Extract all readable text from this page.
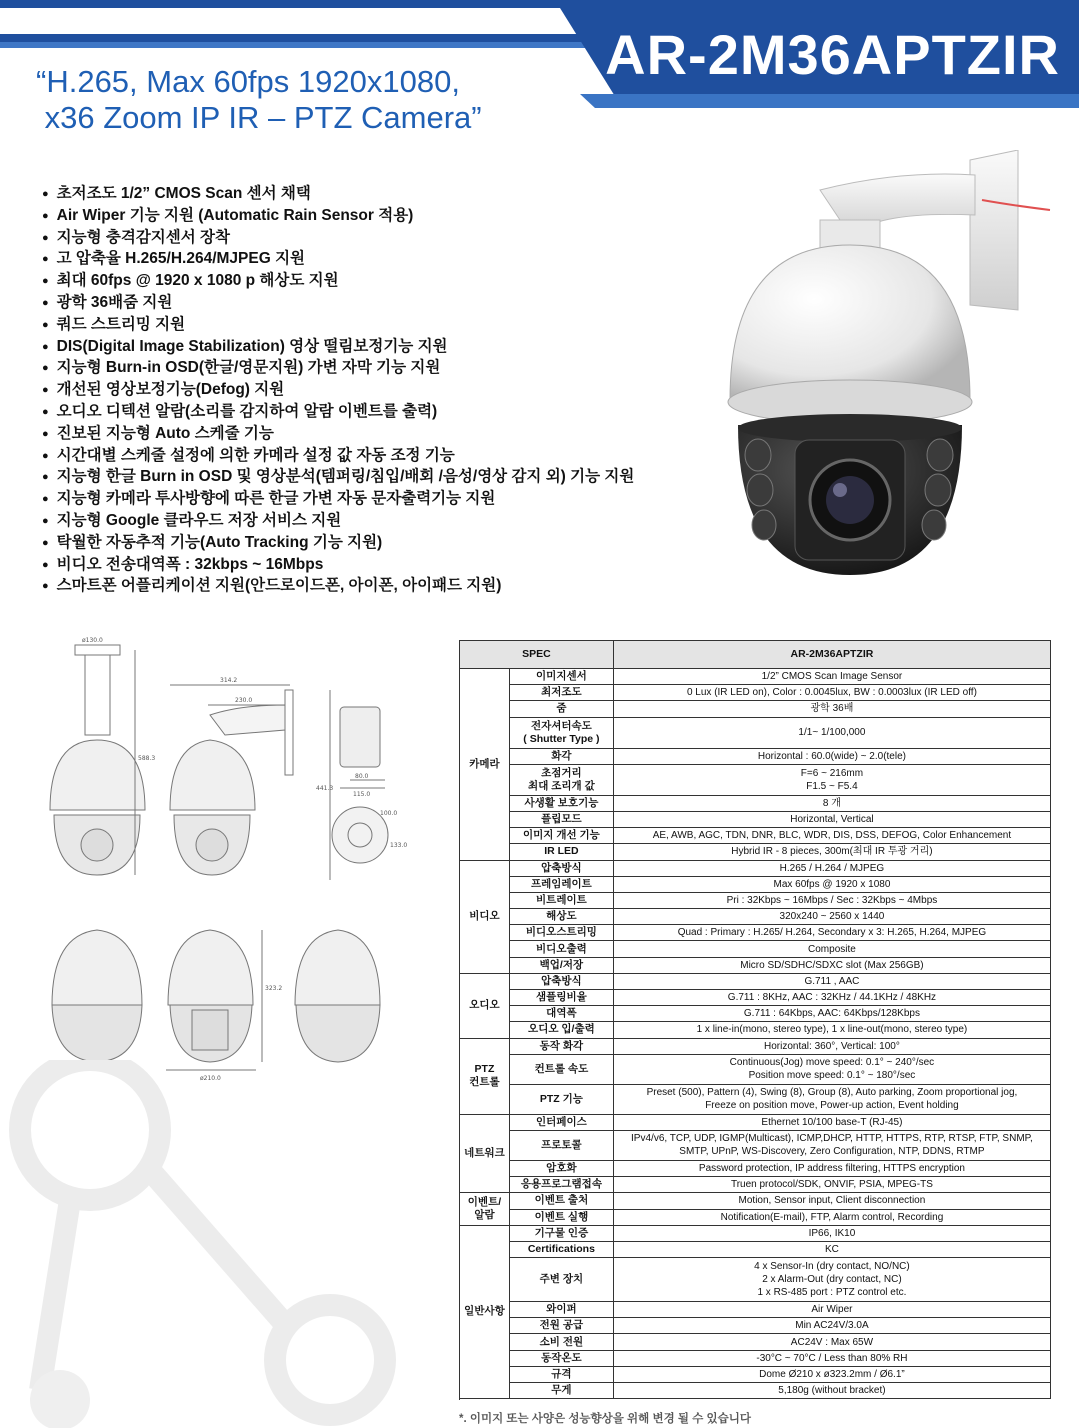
AR-2M36APTZIR
“H.265, Max 60fps 1920x1080,
x36 Zoom IP IR – PTZ Camera”
● 초저조도 1/2” CMOS Scan 센서 채택
● Air Wiper 기능 지원 (Automatic Rain Sensor 적용)
● 지능형 충격감지센서 장착
● 고 압축율 H.265/H.264/MJPEG 지원
● 최대 60fps @ 1920 x 1080 p 해상도 지원
● 광학 36배줌 지원
● 쿼드 스트리밍 지원
● DIS(Digital Image Stabilization) 영상 떨림보정기능 지원
● 지능형 Burn-in OSD(한글/영문지원) 가변 자막 기능 지원
● 개선된 영상보정기능(Defog) 지원
● 오디오 디텍션 알람(소리를 감지하여 알람 이벤트를 출력)
● 진보된 지능형 Auto 스케줄 기능
● 시간대별 스케줄 설정에 의한 카메라 설정 값 자동 조정 기능
● 지능형 한글 Burn in OSD 및 영상분석(템퍼링/침입/배회 /음성/영상 감지 외) 기능 지원
● 지능형 카메라 투사방향에 따른 한글 가변 자동 문자출력기능 지원
● 지능형 Google 클라우드 저장 서비스 지원
● 탁월한 자동추적 기능(Auto Tracking 기능 지원)
● 비디오 전송대역폭 : 32kbps ~ 16Mbps
● 스마트폰 어플리케이션 지원(안드로이드폰, 아이폰, 아이패드 지원)
ø130.0
314.2
230.0
588.3
441.3
80.0
115.0
100.0
133.0
ø210.0
323.2
SPEC		AR-2M36APTZIR
카메라	이미지센서	1/2” CMOS Scan Image Sensor
	최저조도	0 Lux (IR LED on), Color : 0.0045lux, BW : 0.0003lux (IR LED off)
	줌	광학 36배
	전자셔터속도
( Shutter Type )	1/1~ 1/100,000
	화각	Horizontal : 60.0(wide) ~ 2.0(tele)
	초점거리
최대 조리개 값	F=6 ~ 216mm
F1.5 ~ F5.4
	사생활 보호기능	8 개
	플립모드	Horizontal, Vertical
	이미지 개선 기능	AE, AWB, AGC, TDN, DNR, BLC, WDR, DIS, DSS, DEFOG, Color Enhancement
	IR LED	Hybrid IR - 8 pieces, 300m(최대 IR 투광 거리)

비디오	압축방식	H.265 / H.264 / MJPEG
	프레임레이트	Max 60fps @ 1920 x 1080
	비트레이트	Pri : 32Kbps ~ 16Mbps / Sec : 32Kbps ~ 4Mbps
	해상도	320x240 ~ 2560 x 1440
	비디오스트리밍	Quad : Primary : H.265/ H.264, Secondary x 3: H.265, H.264, MJPEG
	비디오출력	Composite
	백업/저장	Micro SD/SDHC/SDXC slot (Max 256GB)
오디오	압축방식	G.711 , AAC
	샘플링비율	G.711 : 8KHz, AAC : 32KHz / 44.1KHz / 48KHz
	대역폭	G.711 : 64Kbps, AAC: 64Kbps/128Kbps
	오디오 입/출력	1 x line-in(mono, stereo type), 1 x line-out(mono, stereo type)
PTZ
컨트롤	동작 화각	Horizontal: 360°, Vertical: 100°
	컨트롤 속도	Continuous(Jog) move speed: 0.1° ~ 240°/sec
Position move speed: 0.1° ~ 180°/sec
	PTZ 기능	Preset (500), Pattern (4), Swing (8), Group (8), Auto parking, Zoom proportional jog,
Freeze on position move, Power-up action, Event holding
네트워크	인터페이스	Ethernet 10/100 base-T (RJ-45)
	프로토콜	IPv4/v6, TCP, UDP, IGMP(Multicast), ICMP,DHCP, HTTP, HTTPS, RTP, RTSP, FTP, SNMP,
SMTP, UPnP, WS-Discovery, Zero Configuration, NTP, DDNS, RTMP
	암호화	Password protection, IP address filtering, HTTPS encryption
	응용프로그램접속	Truen protocol/SDK, ONVIF, PSIA, MPEG-TS
이벤트/
알람	이벤트 출처	Motion, Sensor input, Client disconnection
	이벤트 실행	Notification(E-mail), FTP, Alarm control, Recording
일반사항	기구물 인증	IP66, IK10
	Certifications	KC
	주변 장치	4 x Sensor-In (dry contact, NO/NC)
2 x Alarm-Out (dry contact, NC)
1 x RS-485 port : PTZ control etc.
	와이퍼	Air Wiper
	전원 공급	Min AC24V/3.0A
	소비 전원	AC24V : Max 65W
	동작온도	-30°C ~ 70°C / Less than 80% RH
	규격	Dome Ø210 x ø323.2mm / Ø6.1”
	무게	5,180g (without bracket)

*. 이미지 또는 사양은 성능향상을 위해 변경 될 수 있습니다
